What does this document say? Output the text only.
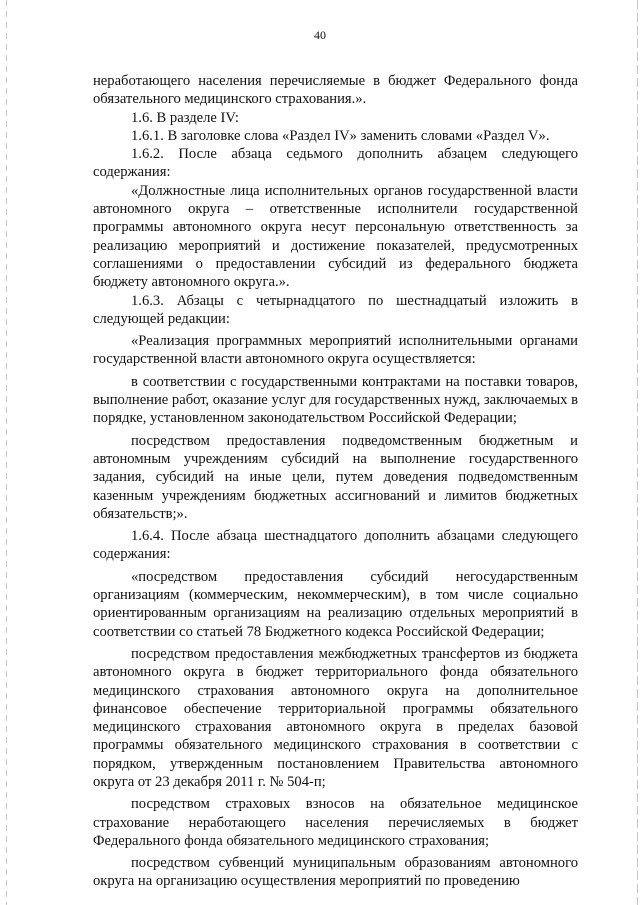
40

неработающего населения перечисляемые в бюджет Федерального фонда обязательного медицинского страхования.».

1.6. В разделе IV:

1.6.1. В заголовке слова «Раздел IV» заменить словами «Раздел V».

1.6.2. После абзаца седьмого дополнить абзацем следующего содержания:

«Должностные лица исполнительных органов государственной власти автономного округа – ответственные исполнители государственной программы автономного округа несут персональную ответственность за реализацию мероприятий и достижение показателей, предусмотренных соглашениями о предоставлении субсидий из федерального бюджета бюджету автономного округа.».

1.6.3. Абзацы с четырнадцатого по шестнадцатый изложить в следующей редакции:

«Реализация программных мероприятий исполнительными органами государственной власти автономного округа осуществляется:

в соответствии с государственными контрактами на поставки товаров, выполнение работ, оказание услуг для государственных нужд, заключаемых в порядке, установленном законодательством Российской Федерации;

посредством предоставления подведомственным бюджетным и автономным учреждениям субсидий на выполнение государственного задания, субсидий на иные цели, путем доведения подведомственным казенным учреждениям бюджетных ассигнований и лимитов бюджетных обязательств;».

1.6.4. После абзаца шестнадцатого дополнить абзацами следующего содержания:

«посредством предоставления субсидий негосударственным организациям (коммерческим, некоммерческим), в том числе социально ориентированным организациям на реализацию отдельных мероприятий в соответствии со статьей 78 Бюджетного кодекса Российской Федерации;

посредством предоставления межбюджетных трансфертов из бюджета автономного округа в бюджет территориального фонда обязательного медицинского страхования автономного округа на дополнительное финансовое обеспечение территориальной программы обязательного медицинского страхования автономного округа в пределах базовой программы обязательного медицинского страхования в соответствии с порядком, утвержденным постановлением Правительства автономного округа от 23 декабря 2011 г. № 504-п;

посредством страховых взносов на обязательное медицинское страхование неработающего населения перечисляемых в бюджет Федерального фонда обязательного медицинского страхования;

посредством субвенций муниципальным образованиям автономного округа на организацию осуществления мероприятий по проведению
